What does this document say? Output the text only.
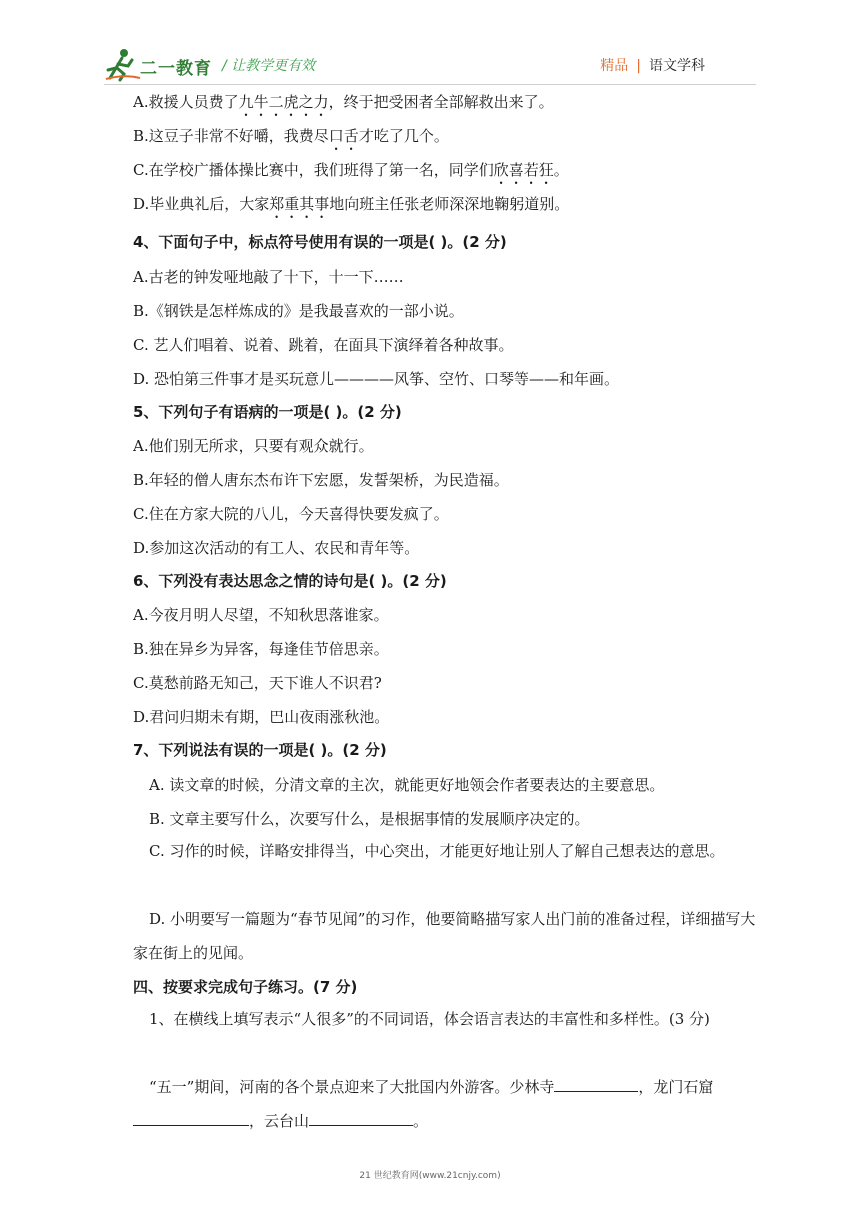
二一教育 / 让教学更有效	精品 | 语文学科
A.救援人员费了九牛二虎之力，终于把受困者全部解救出来了。
B.这豆子非常不好嚼，我费尽口舌才吃了几个。
C.在学校广播体操比赛中，我们班得了第一名，同学们欣喜若狂。
D.毕业典礼后，大家郑重其事地向班主任张老师深深地鞠躬道别。
4、下面句子中，标点符号使用有误的一项是( )。(2 分)
A.古老的钟发哑地敲了十下，十一下……
B.《钢铁是怎样炼成的》是我最喜欢的一部小说。
C. 艺人们唱着、说着、跳着，在面具下演绎着各种故事。
D. 恐怕第三件事才是买玩意儿————风筝、空竹、口琴等——和年画。
5、下列句子有语病的一项是( )。(2 分)
A.他们别无所求，只要有观众就行。
B.年轻的僧人唐东杰布许下宏愿，发誓架桥，为民造福。
C.住在方家大院的八儿，今天喜得快要发疯了。
D.参加这次活动的有工人、农民和青年等。
6、下列没有表达思念之情的诗句是( )。(2 分)
A.今夜月明人尽望，不知秋思落谁家。
B.独在异乡为异客，每逢佳节倍思亲。
C.莫愁前路无知己，天下谁人不识君?
D.君问归期未有期，巴山夜雨涨秋池。
7、下列说法有误的一项是( )。(2 分)
A. 读文章的时候，分清文章的主次，就能更好地领会作者要表达的主要意思。
B. 文章主要写什么，次要写什么，是根据事情的发展顺序决定的。
C. 习作的时候，详略安排得当，中心突出，才能更好地让别人了解自己想表达的意思。
D. 小明要写一篇题为“春节见闻”的习作，他要简略描写家人出门前的准备过程，详细描写大家在街上的见闻。
四、按要求完成句子练习。(7 分)
1、在横线上填写表示“人很多”的不同词语，体会语言表达的丰富性和多样性。(3 分)
“五一”期间，河南的各个景点迎来了大批国内外游客。少林寺	，龙门石窟，云台山	。
21 世纪教育网(www.21cnjy.com)
